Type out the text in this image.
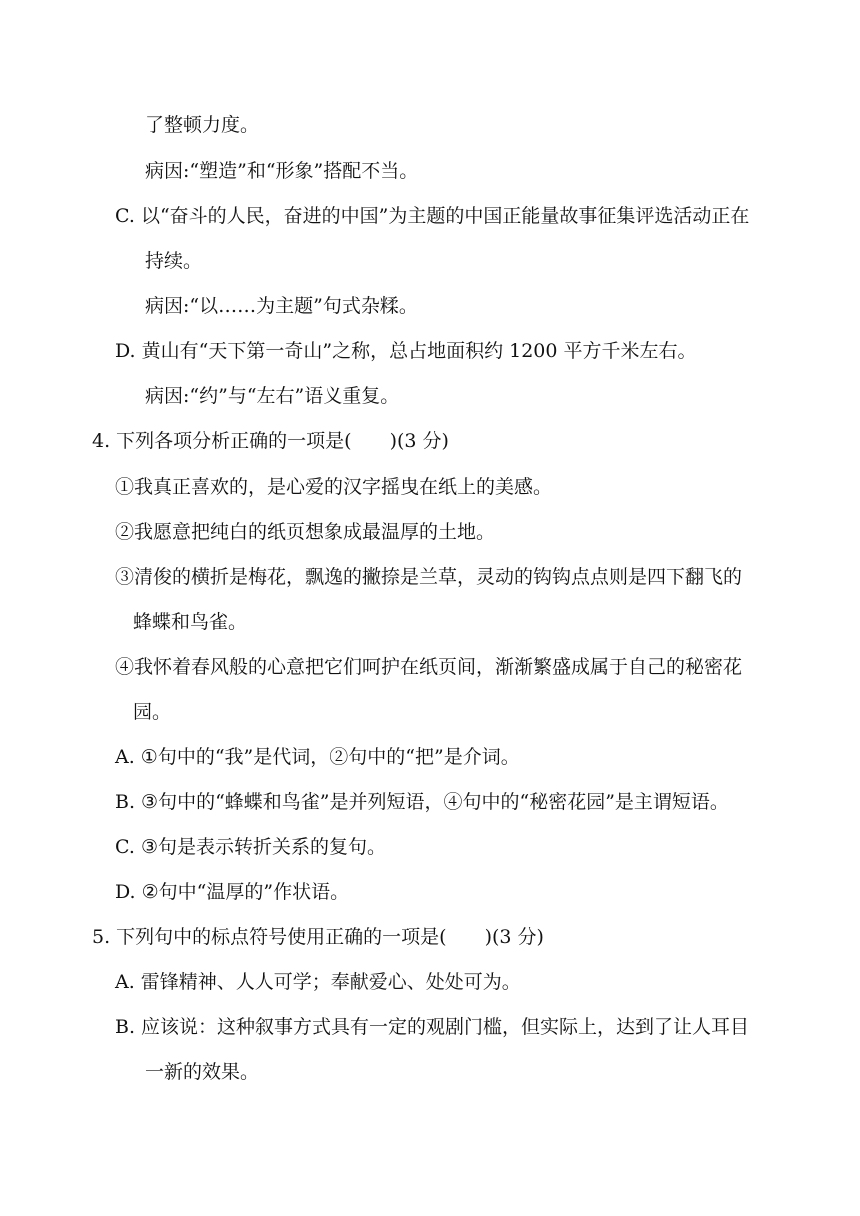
了整顿力度。
病因:“塑造”和“形象”搭配不当。
C. 以“奋斗的人民，奋进的中国”为主题的中国正能量故事征集评选活动正在
持续。
病因:“以……为主题”句式杂糅。
D. 黄山有“天下第一奇山”之称，总占地面积约 1200 平方千米左右。
病因:“约”与“左右”语义重复。
4. 下列各项分析正确的一项是(　　)(3 分)
①我真正喜欢的，是心爱的汉字摇曳在纸上的美感。
②我愿意把纯白的纸页想象成最温厚的土地。
③清俊的横折是梅花，飘逸的撇捺是兰草，灵动的钩钩点点则是四下翻飞的
蜂蝶和鸟雀。
④我怀着春风般的心意把它们呵护在纸页间，渐渐繁盛成属于自己的秘密花
园。
A. ①句中的“我”是代词，②句中的“把”是介词。
B. ③句中的“蜂蝶和鸟雀”是并列短语，④句中的“秘密花园”是主谓短语。
C. ③句是表示转折关系的复句。
D. ②句中“温厚的”作状语。
5. 下列句中的标点符号使用正确的一项是(　　)(3 分)
A. 雷锋精神、人人可学；奉献爱心、处处可为。
B. 应该说：这种叙事方式具有一定的观剧门槛，但实际上，达到了让人耳目
一新的效果。
